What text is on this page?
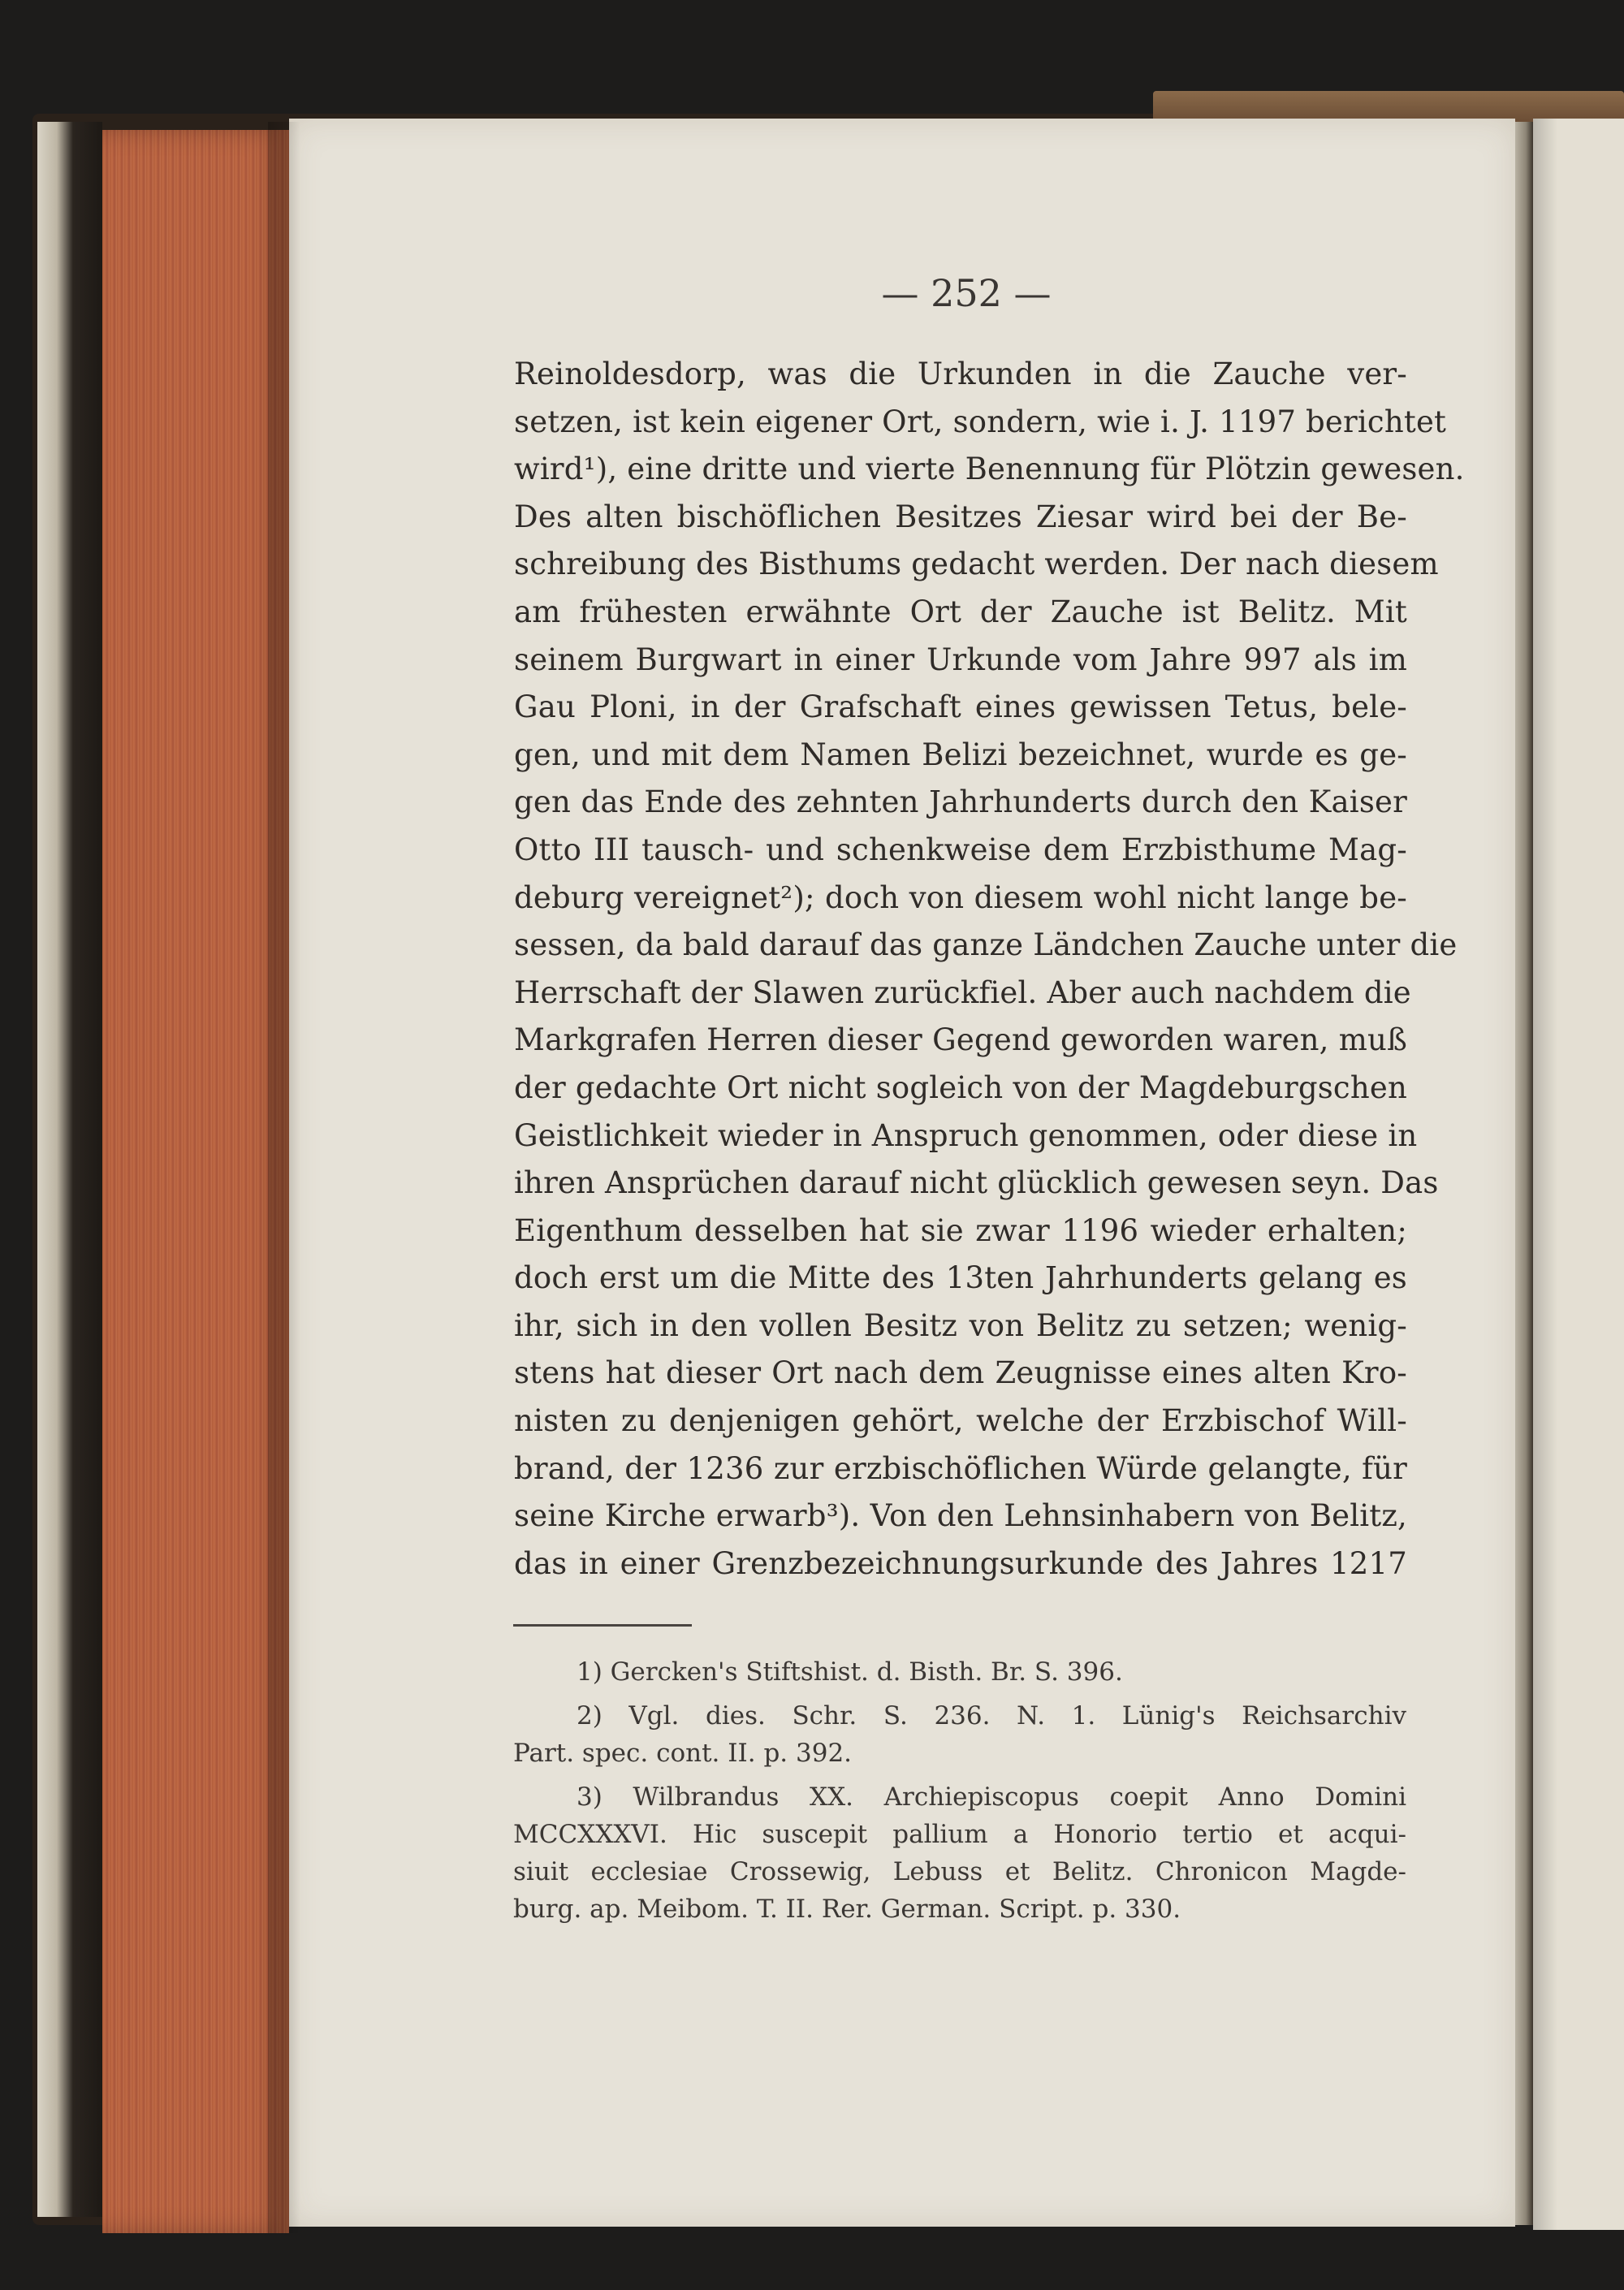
— 252 —
Reinoldesdorp, was die Urkunden in die Zauche ver-
setzen, ist kein eigener Ort, sondern, wie i. J. 1197 berichtet
wird¹), eine dritte und vierte Benennung für Plötzin gewesen.
Des alten bischöflichen Besitzes Ziesar wird bei der Be-
schreibung des Bisthums gedacht werden. Der nach diesem
am frühesten erwähnte Ort der Zauche ist Belitz. Mit
seinem Burgwart in einer Urkunde vom Jahre 997 als im
Gau Ploni, in der Grafschaft eines gewissen Tetus, bele-
gen, und mit dem Namen Belizi bezeichnet, wurde es ge-
gen das Ende des zehnten Jahrhunderts durch den Kaiser
Otto III tausch- und schenkweise dem Erzbisthume Mag-
deburg vereignet²); doch von diesem wohl nicht lange be-
sessen, da bald darauf das ganze Ländchen Zauche unter die
Herrschaft der Slawen zurückfiel. Aber auch nachdem die
Markgrafen Herren dieser Gegend geworden waren, muß
der gedachte Ort nicht sogleich von der Magdeburgschen
Geistlichkeit wieder in Anspruch genommen, oder diese in
ihren Ansprüchen darauf nicht glücklich gewesen seyn. Das
Eigenthum desselben hat sie zwar 1196 wieder erhalten;
doch erst um die Mitte des 13ten Jahrhunderts gelang es
ihr, sich in den vollen Besitz von Belitz zu setzen; wenig-
stens hat dieser Ort nach dem Zeugnisse eines alten Kro-
nisten zu denjenigen gehört, welche der Erzbischof Will-
brand, der 1236 zur erzbischöflichen Würde gelangte, für
seine Kirche erwarb³). Von den Lehnsinhabern von Belitz,
das in einer Grenzbezeichnungsurkunde des Jahres 1217
1) Gercken's Stiftshist. d. Bisth. Br. S. 396.
2) Vgl. dies. Schr. S. 236. N. 1. Lünig's Reichsarchiv
Part. spec. cont. II. p. 392.
3) Wilbrandus XX. Archiepiscopus coepit Anno Domini
MCCXXXVI. Hic suscepit pallium a Honorio tertio et acqui-
siuit ecclesiae Crossewig, Lebuss et Belitz. Chronicon Magde-
burg. ap. Meibom. T. II. Rer. German. Script. p. 330.
